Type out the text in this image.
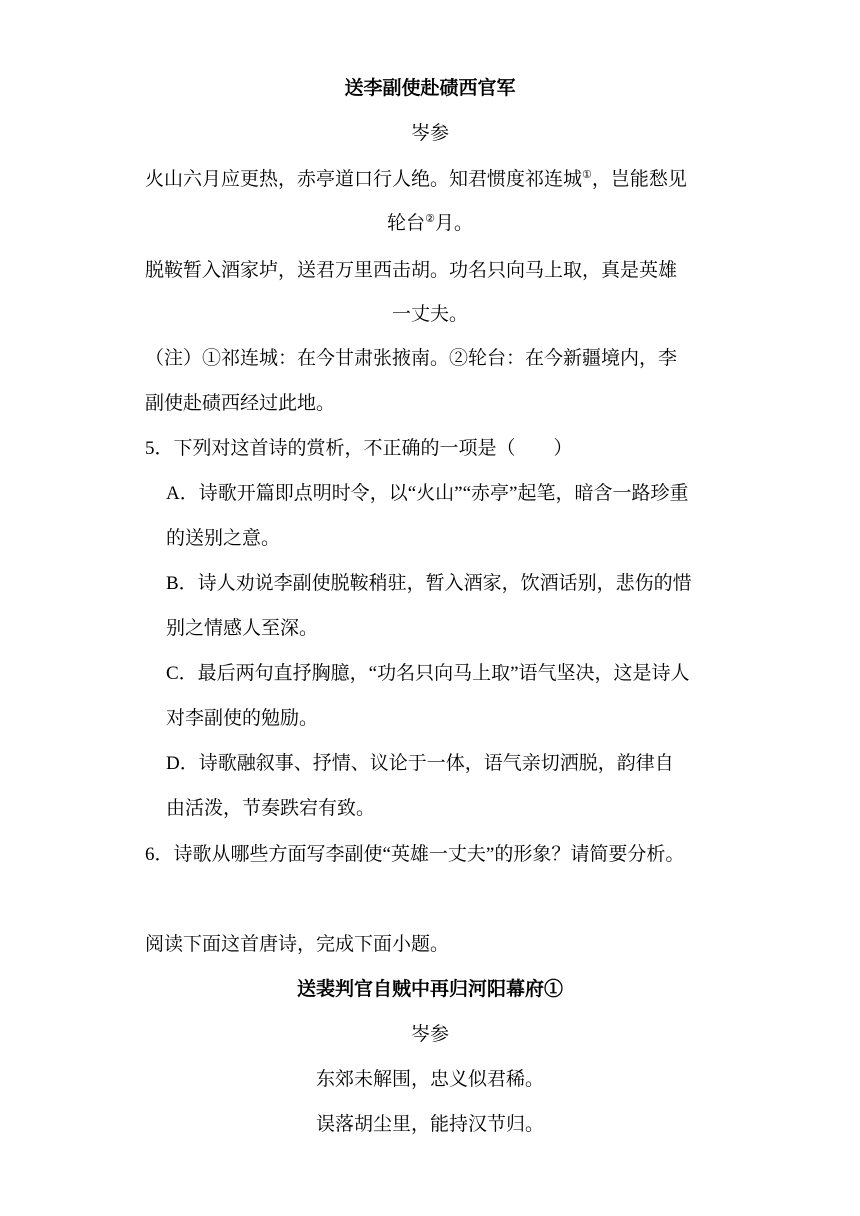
送李副使赴碛西官军
岑参
火山六月应更热，赤亭道口行人绝。知君惯度祁连城①，岂能愁见
轮台②月。
脱鞍暂入酒家垆，送君万里西击胡。功名只向马上取，真是英雄
一丈夫。
（注）①祁连城：在今甘肃张掖南。②轮台：在今新疆境内，李
副使赴碛西经过此地。
5．下列对这首诗的赏析，不正确的一项是（　　）
A．诗歌开篇即点明时令，以“火山”“赤亭”起笔，暗含一路珍重
的送别之意。
B．诗人劝说李副使脱鞍稍驻，暂入酒家，饮酒话别，悲伤的惜
别之情感人至深。
C．最后两句直抒胸臆，“功名只向马上取”语气坚决，这是诗人
对李副使的勉励。
D．诗歌融叙事、抒情、议论于一体，语气亲切洒脱，韵律自
由活泼，节奏跌宕有致。
6．诗歌从哪些方面写李副使“英雄一丈夫”的形象？请简要分析。
阅读下面这首唐诗，完成下面小题。
送裴判官自贼中再归河阳幕府①
岑参
东郊未解围，忠义似君稀。
误落胡尘里，能持汉节归。
